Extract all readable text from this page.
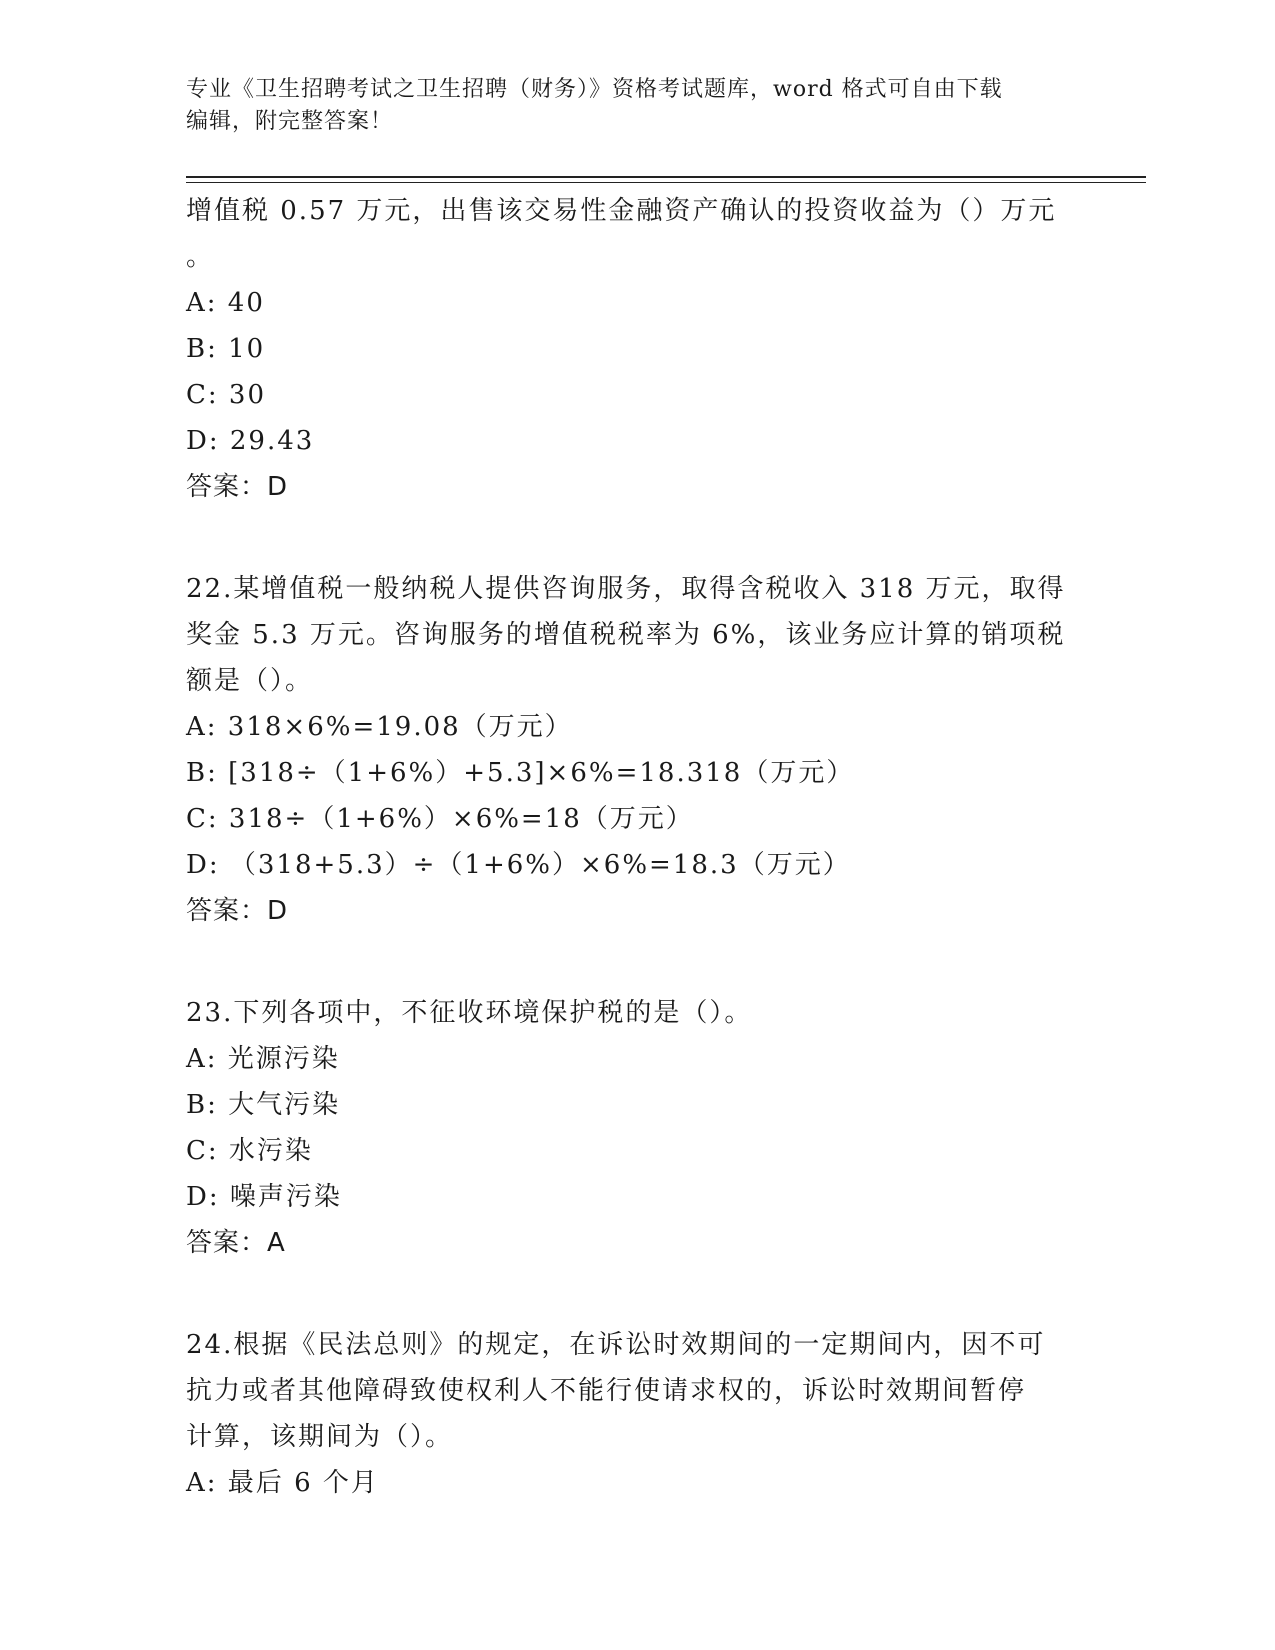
专业《卫生招聘考试之卫生招聘（财务）》资格考试题库，word 格式可自由下载
编辑，附完整答案！
增值税 0.57 万元，出售该交易性金融资产确认的投资收益为（）万元
。
A: 40
B: 10
C: 30
D: 29.43
答案：D
22.某增值税一般纳税人提供咨询服务，取得含税收入 318 万元，取得
奖金 5.3 万元。咨询服务的增值税税率为 6%，该业务应计算的销项税
额是（）。
A: 318×6%=19.08（万元）
B: [318÷（1+6%）+5.3]×6%=18.318（万元）
C: 318÷（1+6%）×6%=18（万元）
D: （318+5.3）÷（1+6%）×6%=18.3（万元）
答案：D
23.下列各项中，不征收环境保护税的是（）。
A: 光源污染
B: 大气污染
C: 水污染
D: 噪声污染
答案：A
24.根据《民法总则》的规定，在诉讼时效期间的一定期间内，因不可
抗力或者其他障碍致使权利人不能行使请求权的，诉讼时效期间暂停
计算，该期间为（）。
A: 最后 6 个月
